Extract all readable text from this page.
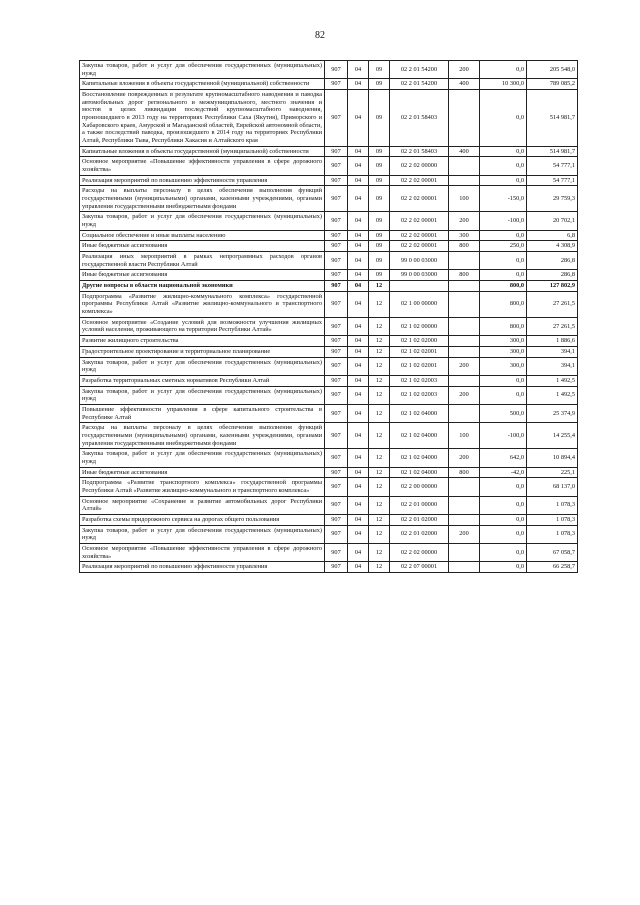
82
Закупка товаров, работ и услуг для обеспечения государственных (муниципальных) нужд	907	04	09	02 2 01 54200	200	0,0	205 548,0
Капитальные вложения в объекты государственной (муниципальной) собственности	907	04	09	02 2 01 54200	400	10 300,0	789 085,2
Восстановление поврежденных в результате крупномасштабного наводнения и паводка автомобильных дорог регионального и межмуниципального, местного значения и мостов в целях ликвидации последствий крупномасштабного наводнения, произошедшего в 2013 году на территориях Республики Саха (Якутия), Приморского и Хабаровского краев, Амурской и Магаданской областей, Еврейской автономной области, а также последствий паводка, произошедшего в 2014 году на территориях Республики Алтай, Республики Тыва, Республики Хакасия и Алтайского края	907	04	09	02 2 01 58403		0,0	514 981,7
Капиатльные вложения в объекты государственной (муниципальной) собственности	907	04	09	02 2 01 58403	400	0,0	514 981,7
Основное мероприятие «Повышение эффективности управления в сфере дорожного хозяйства»	907	04	09	02 2 02 00000		0,0	54 777,1
Реализация мероприятий по повышению эффективности управления	907	04	09	02 2 02 00001		0,0	54 777,1
Расходы на выплаты персоналу в целях обеспечения выполнения функций государственными (муниципальными) органами, казенными учреждениями, органами управления государственными внебюджетными фондами	907	04	09	02 2 02 00001	100	-150,0	29 759,3
Закупка товаров, работ и услуг для обеспечения государственных (муниципальных) нужд	907	04	09	02 2 02 00001	200	-100,0	20 702,1
Социальное обеспечение и иные выплаты населению	907	04	09	02 2 02 00001	300	0,0	6,8
Иные бюджетные ассигнования	907	04	09	02 2 02 00001	800	250,0	4 308,9
Реализация иных мероприятий в рамках непрограммных расходов органов государственной власти Республики Алтай	907	04	09	99 0 00 03000		0,0	286,8
Иные бюджетные ассигнования	907	04	09	99 0 00 03000	800	0,0	286,8
Другие вопросы в области национальной экономики	907	04	12			800,0	127 802,9
Подпрограмма «Развитие жилищно-коммунального комплекса» государственной программы Республики Алтай «Развитие жилищно-коммунального и транспортного комплекса»	907	04	12	02 1 00 00000		800,0	27 261,5
Основное мероприятие «Создание условий для возможности улучшения жилищных условий населения, проживающего на территории Республики Алтай»	907	04	12	02 1 02 00000		800,0	27 261,5
Развитие жилищного строительства	907	04	12	02 1 02 02000		300,0	1 886,6
Градостроительное проектирование и территориальное планирование	907	04	12	02 1 02 02001		300,0	394,1
Закупка товаров, работ и услуг для обеспечения государственных (муниципальных) нужд	907	04	12	02 1 02 02001	200	300,0	394,1
Разработка территориальных сметных нормативов Республики Алтай	907	04	12	02 1 02 02003		0,0	1 492,5
Закупка товаров, работ и услуг для обеспечения государственных (муниципальных) нужд	907	04	12	02 1 02 02003	200	0,0	1 492,5
Повышение эффективности управления в сфере капитального строительства в Республике Алтай	907	04	12	02 1 02 04000		500,0	25 374,9
Расходы на выплаты персоналу в целях обеспечения выполнения функций государственными (муниципальными) органами, казенными учреждениями, органами управления государственными внебюджетными фондами	907	04	12	02 1 02 04000	100	-100,0	14 255,4
Закупка товаров, работ и услуг для обеспечения государственных (муниципальных) нужд	907	04	12	02 1 02 04000	200	642,0	10 894,4
Иные бюджетные ассигнования	907	04	12	02 1 02 04000	800	-42,0	225,1
Подпрограмма «Развитие транспортного комплекса» государственной программы Республики Алтай «Развитие жилищно-коммунального и транспортного комплекса»	907	04	12	02 2 00 00000		0,0	68 137,0
Основное мероприятие «Сохранение и развитие автомобильных дорог Республики Алтай»	907	04	12	02 2 01 00000		0,0	1 078,3
Разработка схемы придорожного сервиса на дорогах общего пользования	907	04	12	02 2 01 02000		0,0	1 078,3
Закупка товаров, работ и услуг для обеспечения государственных (муниципальных) нужд	907	04	12	02 2 01 02000	200	0,0	1 078,3
Основное мероприятие «Повышение эффективности управления в сфере дорожного хозяйства»	907	04	12	02 2 02 00000		0,0	67 058,7
Реализация мероприятий по повышению эффективности управления	907	04	12	02 2 07 00001		0,0	66 258,7
